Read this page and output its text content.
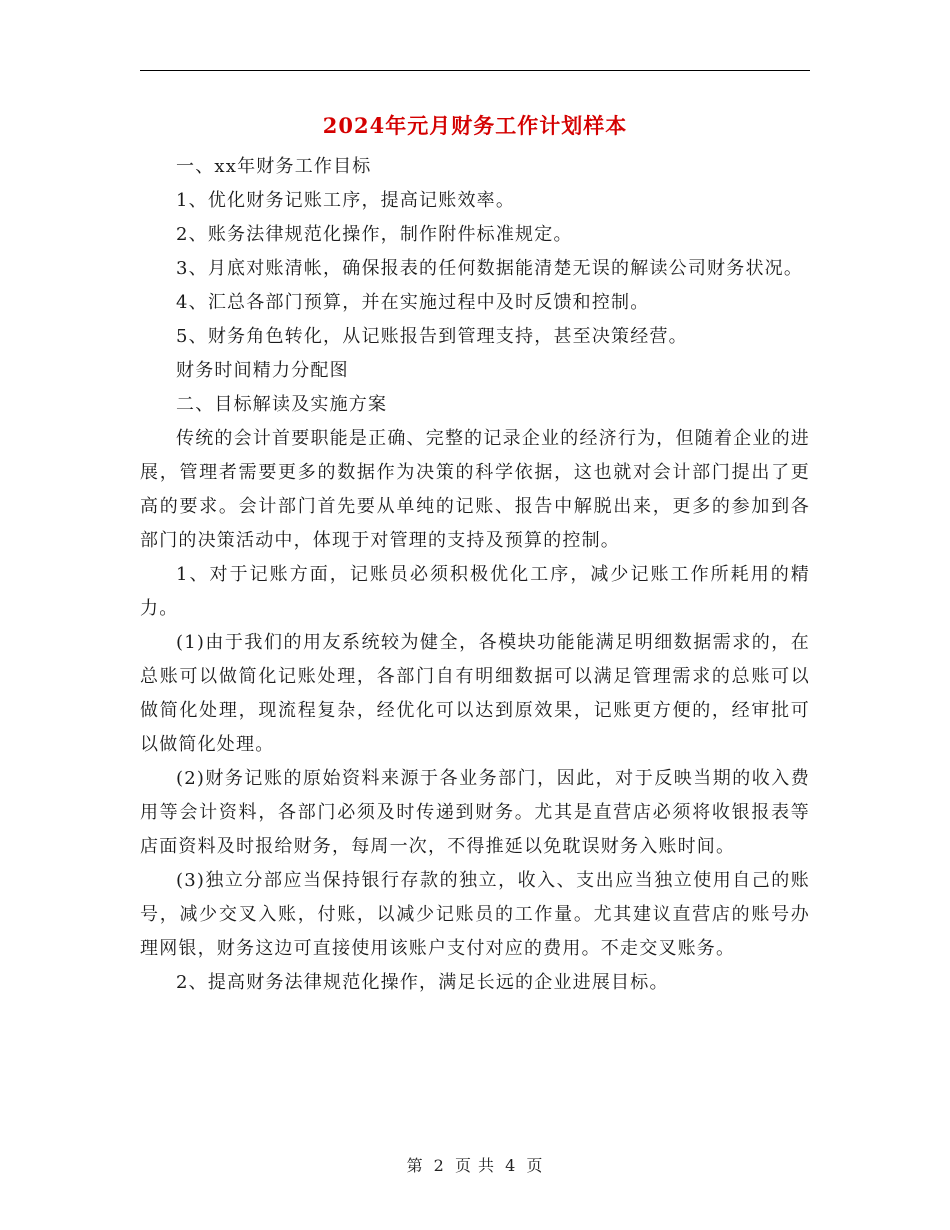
2024年元月财务工作计划样本

一、xx年财务工作目标

1、优化财务记账工序，提高记账效率。

2、账务法律规范化操作，制作附件标准规定。

3、月底对账清帐，确保报表的任何数据能清楚无误的解读公司财务状况。

4、汇总各部门预算，并在实施过程中及时反馈和控制。

5、财务角色转化，从记账报告到管理支持，甚至决策经营。

财务时间精力分配图

二、目标解读及实施方案

传统的会计首要职能是正确、完整的记录企业的经济行为，但随着企业的进展，管理者需要更多的数据作为决策的科学依据，这也就对会计部门提出了更高的要求。会计部门首先要从单纯的记账、报告中解脱出来，更多的参加到各部门的决策活动中，体现于对管理的支持及预算的控制。

1、对于记账方面，记账员必须积极优化工序，减少记账工作所耗用的精力。

(1)由于我们的用友系统较为健全，各模块功能能满足明细数据需求的，在总账可以做简化记账处理，各部门自有明细数据可以满足管理需求的总账可以做简化处理，现流程复杂，经优化可以达到原效果，记账更方便的，经审批可以做简化处理。

(2)财务记账的原始资料来源于各业务部门，因此，对于反映当期的收入费用等会计资料，各部门必须及时传递到财务。尤其是直营店必须将收银报表等店面资料及时报给财务，每周一次，不得推延以免耽误财务入账时间。

(3)独立分部应当保持银行存款的独立，收入、支出应当独立使用自己的账号，减少交叉入账，付账，以减少记账员的工作量。尤其建议直营店的账号办理网银，财务这边可直接使用该账户支付对应的费用。不走交叉账务。

2、提高财务法律规范化操作，满足长远的企业进展目标。

第 2 页 共 4 页
